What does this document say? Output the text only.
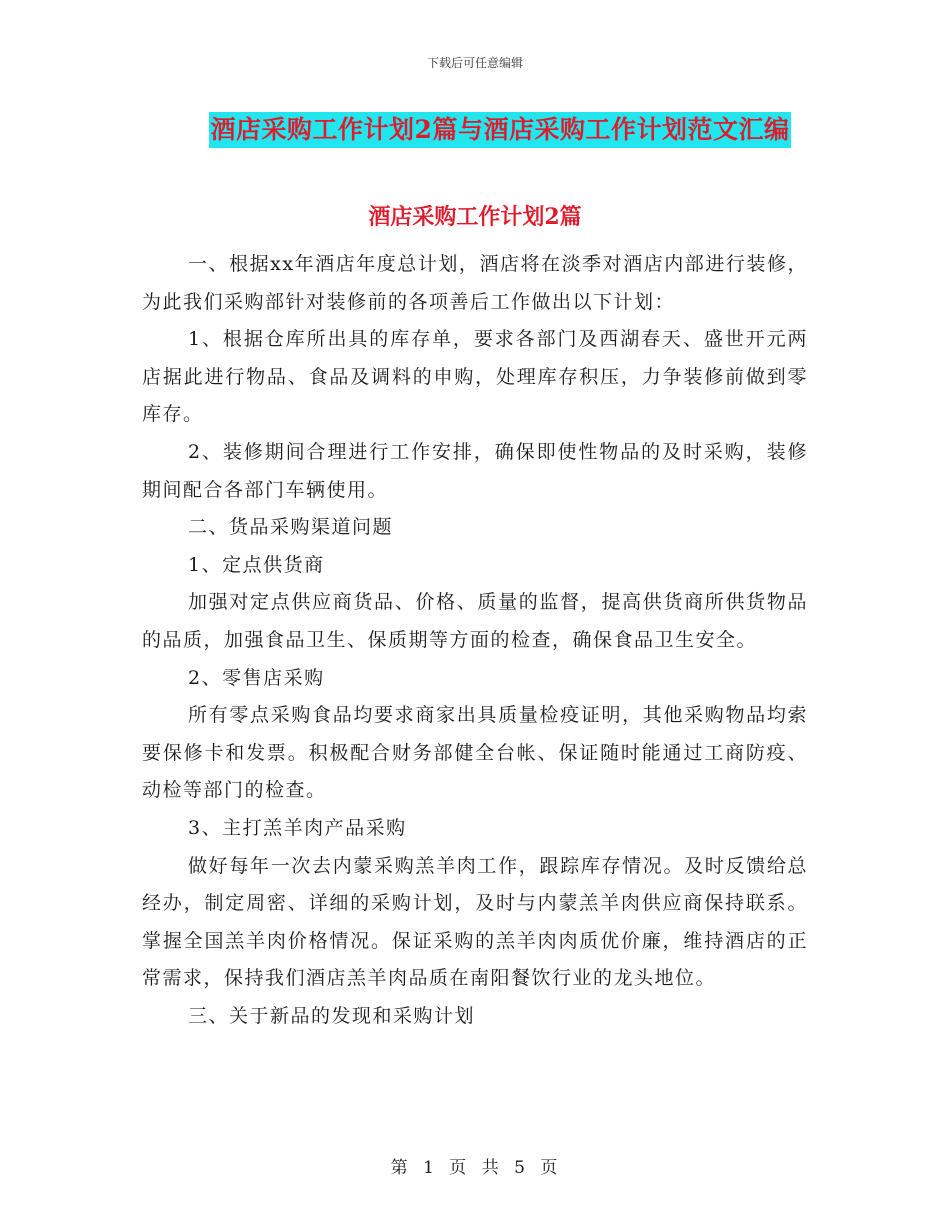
下载后可任意编辑
酒店采购工作计划2篇与酒店采购工作计划范文汇编
酒店采购工作计划2篇

一、根据xx年酒店年度总计划，酒店将在淡季对酒店内部进行装修，为此我们采购部针对装修前的各项善后工作做出以下计划：

1、根据仓库所出具的库存单，要求各部门及西湖春天、盛世开元两店据此进行物品、食品及调料的申购，处理库存积压，力争装修前做到零库存。

2、装修期间合理进行工作安排，确保即使性物品的及时采购，装修期间配合各部门车辆使用。

二、货品采购渠道问题

1、定点供货商

加强对定点供应商货品、价格、质量的监督，提高供货商所供货物品的品质，加强食品卫生、保质期等方面的检查，确保食品卫生安全。

2、零售店采购

所有零点采购食品均要求商家出具质量检疫证明，其他采购物品均索要保修卡和发票。积极配合财务部健全台帐、保证随时能通过工商防疫、动检等部门的检查。

3、主打羔羊肉产品采购

做好每年一次去内蒙采购羔羊肉工作，跟踪库存情况。及时反馈给总经办，制定周密、详细的采购计划，及时与内蒙羔羊肉供应商保持联系。掌握全国羔羊肉价格情况。保证采购的羔羊肉肉质优价廉，维持酒店的正常需求，保持我们酒店羔羊肉品质在南阳餐饮行业的龙头地位。

三、关于新品的发现和采购计划

第 1 页 共 5 页
